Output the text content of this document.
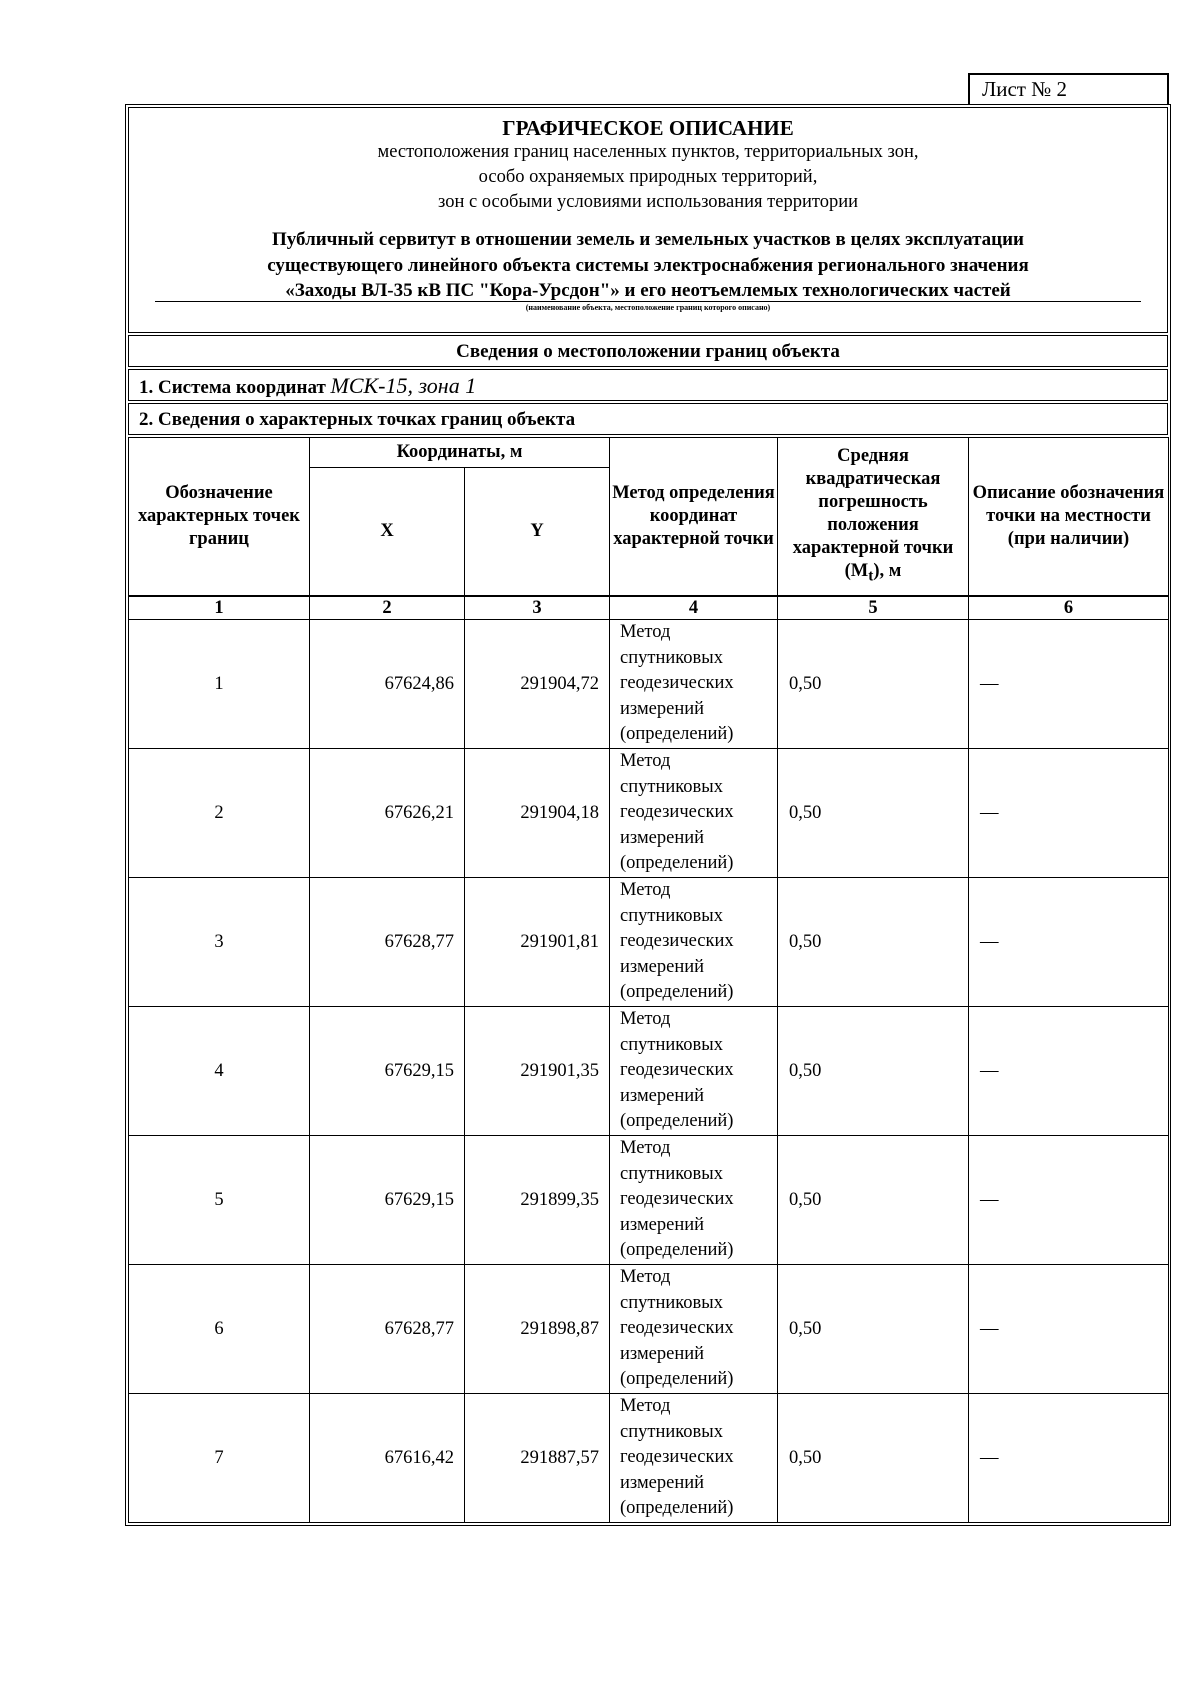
Лист № 2
ГРАФИЧЕСКОЕ ОПИСАНИЕ
местоположения границ населенных пунктов, территориальных зон,
особо охраняемых природных территорий,
зон с особыми условиями использования территории
Публичный сервитут в отношении земель и земельных участков в целях эксплуатации
существующего линейного объекта системы электроснабжения регионального значения
«Заходы ВЛ-35 кВ ПС "Кора-Урсдон"» и его неотъемлемых технологических частей
(наименование объекта, местоположение границ которого описано)
Сведения о местоположении границ объекта
1. Система координат МСК-15, зона 1
2. Сведения о характерных точках границ объекта
Обозначение характерных точек границ	Координаты, м		Метод определения координат характерной точки	Средняя квадратическая погрешность положения характерной точки $(M_t)$, м	Описание обозначения точки на местности (при наличии)
	X	Y			

1	2	3	4	5	6
1	67624,86	291904,72	Метод
спутниковых
геодезических
измерений
(определений)	0,50	—
2	67626,21	291904,18	Метод
спутниковых
геодезических
измерений
(определений)	0,50	—
3	67628,77	291901,81	Метод
спутниковых
геодезических
измерений
(определений)	0,50	—
4	67629,15	291901,35	Метод
спутниковых
геодезических
измерений
(определений)	0,50	—
5	67629,15	291899,35	Метод
спутниковых
геодезических
измерений
(определений)	0,50	—
6	67628,77	291898,87	Метод
спутниковых
геодезических
измерений
(определений)	0,50	—
7	67616,42	291887,57	Метод
спутниковых
геодезических
измерений
(определений)	0,50	—
